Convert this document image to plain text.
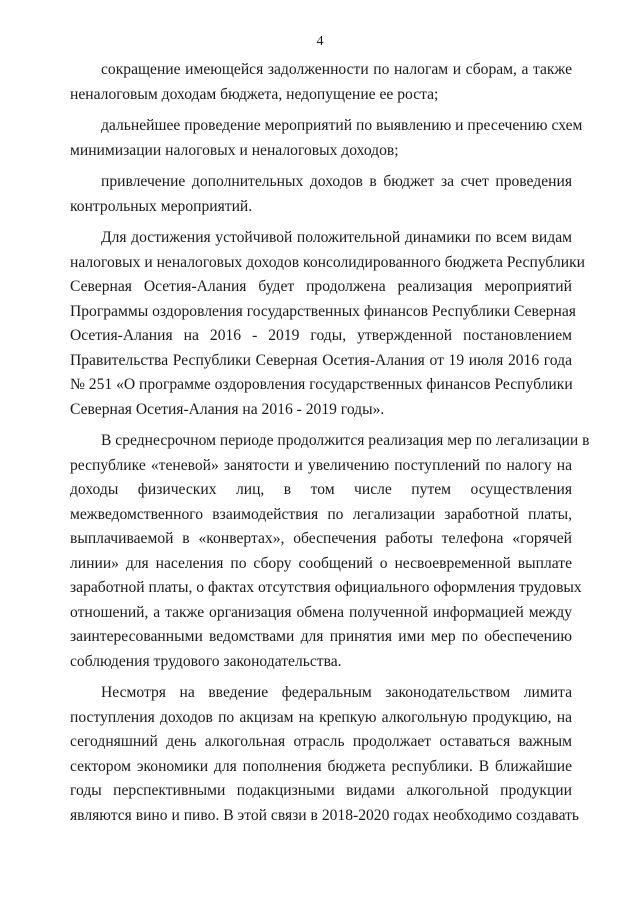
4
сокращение имеющейся задолженности по налогам и сборам, а также
неналоговым доходам бюджета, недопущение ее роста;
дальнейшее проведение мероприятий по выявлению и пресечению схем
минимизации налоговых и неналоговых доходов;
привлечение дополнительных доходов в бюджет за счет проведения
контрольных мероприятий.
Для достижения устойчивой положительной динамики по всем видам
налоговых и неналоговых доходов консолидированного бюджета Республики
Северная Осетия-Алания будет продолжена реализация мероприятий
Программы оздоровления государственных финансов Республики Северная
Осетия-Алания на 2016 - 2019 годы, утвержденной постановлением
Правительства Республики Северная Осетия-Алания от 19 июля 2016 года
№ 251 «О программе оздоровления государственных финансов Республики
Северная Осетия-Алания на 2016 - 2019 годы».
В среднесрочном периоде продолжится реализация мер по легализации в
республике «теневой» занятости и увеличению поступлений по налогу на
доходы физических лиц, в том числе путем осуществления
межведомственного взаимодействия по легализации заработной платы,
выплачиваемой в «конвертах», обеспечения работы телефона «горячей
линии» для населения по сбору сообщений о несвоевременной выплате
заработной платы, о фактах отсутствия официального оформления трудовых
отношений, а также организация обмена полученной информацией между
заинтересованными ведомствами для принятия ими мер по обеспечению
соблюдения трудового законодательства.
Несмотря на введение федеральным законодательством лимита
поступления доходов по акцизам на крепкую алкогольную продукцию, на
сегодняшний день алкогольная отрасль продолжает оставаться важным
сектором экономики для пополнения бюджета республики. В ближайшие
годы перспективными подакцизными видами алкогольной продукции
являются вино и пиво. В этой связи в 2018-2020 годах необходимо создавать
